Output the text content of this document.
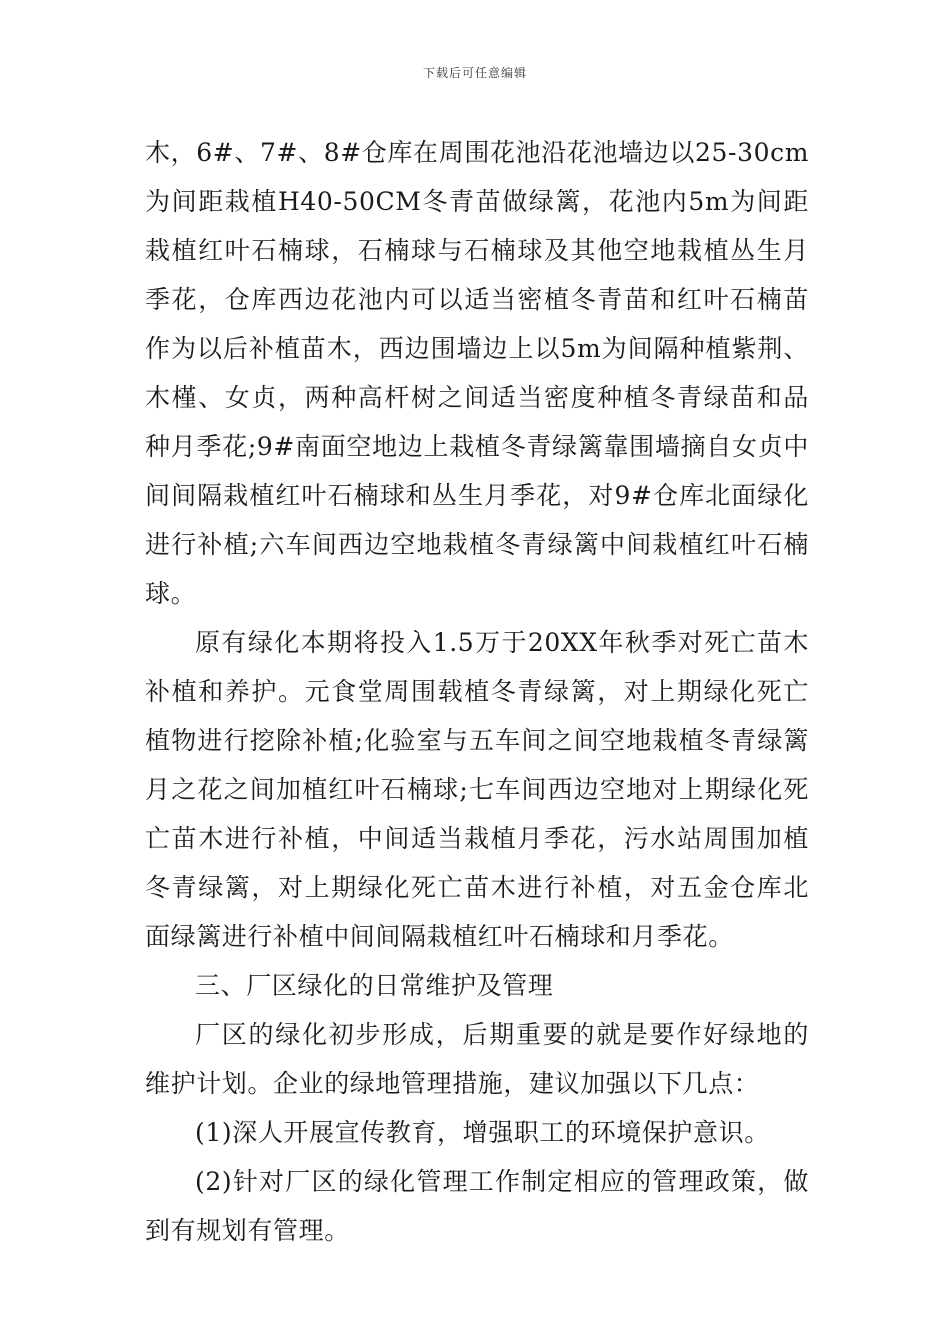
下载后可任意编辑

木，6#、7#、8#仓库在周围花池沿花池墙边以25-30cm为间距栽植H40-50CM冬青苗做绿篱，花池内5m为间距栽植红叶石楠球，石楠球与石楠球及其他空地栽植丛生月季花，仓库西边花池内可以适当密植冬青苗和红叶石楠苗作为以后补植苗木，西边围墙边上以5m为间隔种植紫荆、木槿、女贞，两种高杆树之间适当密度种植冬青绿苗和品种月季花;9#南面空地边上栽植冬青绿篱靠围墙摘自女贞中间间隔栽植红叶石楠球和丛生月季花，对9#仓库北面绿化进行补植;六车间西边空地栽植冬青绿篱中间栽植红叶石楠球。

原有绿化本期将投入1.5万于20XX年秋季对死亡苗木补植和养护。元食堂周围载植冬青绿篱，对上期绿化死亡植物进行挖除补植;化验室与五车间之间空地栽植冬青绿篱月之花之间加植红叶石楠球;七车间西边空地对上期绿化死亡苗木进行补植，中间适当栽植月季花，污水站周围加植冬青绿篱，对上期绿化死亡苗木进行补植，对五金仓库北面绿篱进行补植中间间隔栽植红叶石楠球和月季花。

三、厂区绿化的日常维护及管理

厂区的绿化初步形成，后期重要的就是要作好绿地的维护计划。企业的绿地管理措施，建议加强以下几点：

(1)深人开展宣传教育，增强职工的环境保护意识。

(2)针对厂区的绿化管理工作制定相应的管理政策，做到有规划有管理。
